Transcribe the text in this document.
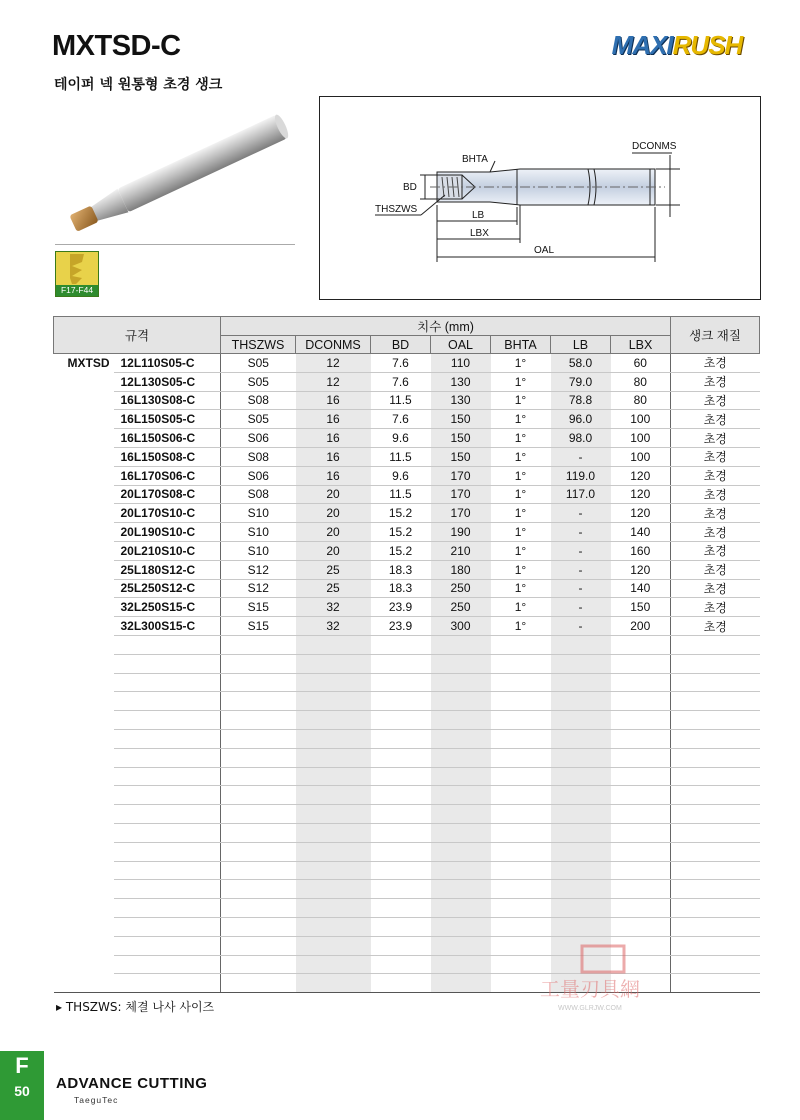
MXTSD-C
테이퍼 넥 원통형 초경 생크
MAXIRUSH
F17-F44
BHTA
DCONMS
BD
THSZWS
LB
LBX
OAL
규격		치수 (mm)							생크 재질
		THSZWS	DCONMS	BD	OAL	BHTA	LB	LBX	
MXTSD	12L110S05-C	S05	12	7.6	110	1°	58.0	60	초경
	12L130S05-C	S05	12	7.6	130	1°	79.0	80	초경
	16L130S08-C	S08	16	11.5	130	1°	78.8	80	초경
	16L150S05-C	S05	16	7.6	150	1°	96.0	100	초경
	16L150S06-C	S06	16	9.6	150	1°	98.0	100	초경
	16L150S08-C	S08	16	11.5	150	1°	-	100	초경
	16L170S06-C	S06	16	9.6	170	1°	119.0	120	초경
	20L170S08-C	S08	20	11.5	170	1°	117.0	120	초경
	20L170S10-C	S10	20	15.2	170	1°	-	120	초경
	20L190S10-C	S10	20	15.2	190	1°	-	140	초경
	20L210S10-C	S10	20	15.2	210	1°	-	160	초경
	25L180S12-C	S12	25	18.3	180	1°	-	120	초경
	25L250S12-C	S12	25	18.3	250	1°	-	140	초경
	32L250S15-C	S15	32	23.9	250	1°	-	150	초경
	32L300S15-C	S15	32	23.9	300	1°	-	200	초경

▸ THSZWS: 체결 나사 사이즈
工量刃具網
WWW.GLRJW.COM
F
50	ADVANCE CUTTING
TaeguTec
